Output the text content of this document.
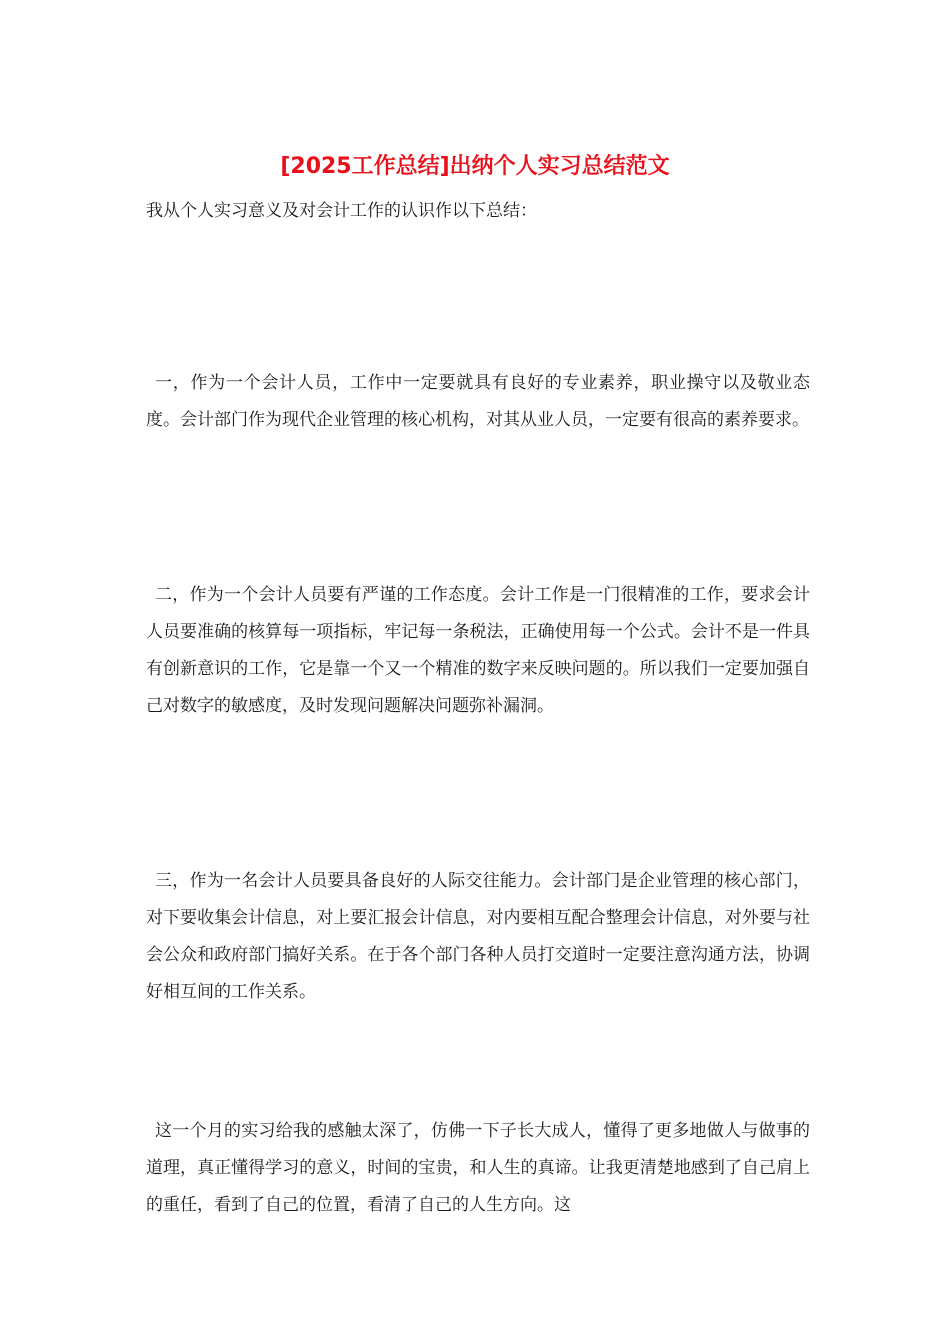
[2025工作总结]出纳个人实习总结范文

我从个人实习意义及对会计工作的认识作以下总结：

一，作为一个会计人员，工作中一定要就具有良好的专业素养，职业操守以及敬业态度。会计部门作为现代企业管理的核心机构，对其从业人员，一定要有很高的素养要求。

二，作为一个会计人员要有严谨的工作态度。会计工作是一门很精准的工作，要求会计人员要准确的核算每一项指标，牢记每一条税法，正确使用每一个公式。会计不是一件具有创新意识的工作，它是靠一个又一个精准的数字来反映问题的。所以我们一定要加强自己对数字的敏感度，及时发现问题解决问题弥补漏洞。

三，作为一名会计人员要具备良好的人际交往能力。会计部门是企业管理的核心部门，对下要收集会计信息，对上要汇报会计信息，对内要相互配合整理会计信息，对外要与社会公众和政府部门搞好关系。在于各个部门各种人员打交道时一定要注意沟通方法，协调好相互间的工作关系。

这一个月的实习给我的感触太深了，仿佛一下子长大成人，懂得了更多地做人与做事的道理，真正懂得学习的意义，时间的宝贵，和人生的真谛。让我更清楚地感到了自己肩上的重任，看到了自己的位置，看清了自己的人生方向。这
